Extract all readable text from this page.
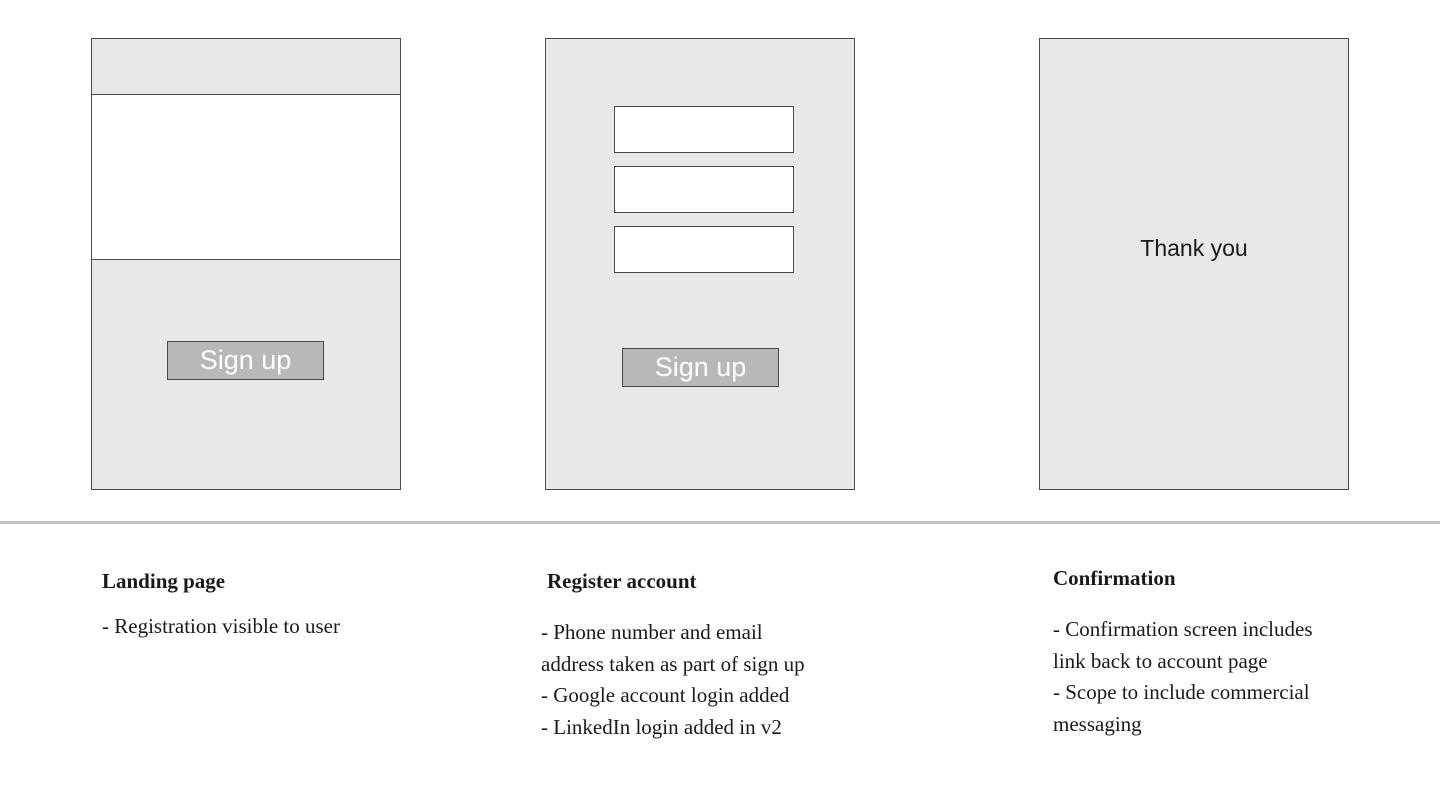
Sign up	Sign up
Thank you
Landing page
- Registration visible to user
Register account
- Phone number and email
address taken as part of sign up
- Google account login added
- LinkedIn login added in v2
Confirmation
- Confirmation screen includes
link back to account page
- Scope to include commercial
messaging
